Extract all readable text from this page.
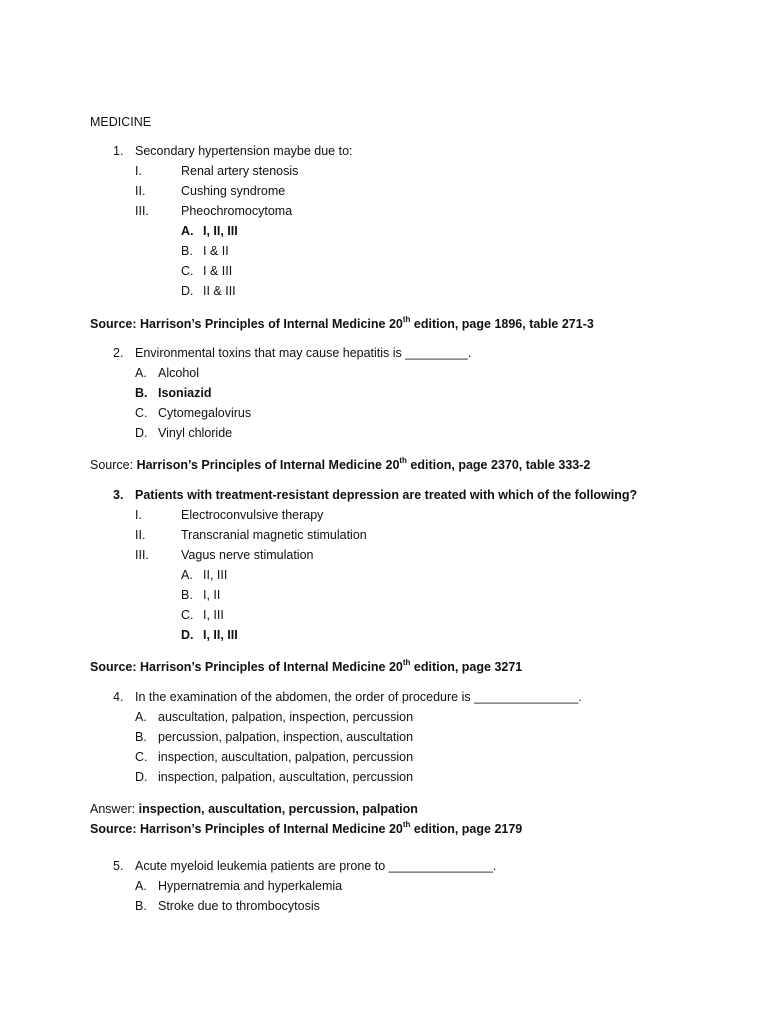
MEDICINE
1. Secondary hypertension maybe due to:
I.	Renal artery stenosis
II.	Cushing syndrome
III.	Pheochromocytoma
A. I, II, III
B. I & II
C. I & III
D. II & III
Source: Harrison’s Principles of Internal Medicine 20th edition, page 1896, table 271-3
2. Environmental toxins that may cause hepatitis is _________.
A. Alcohol
B. Isoniazid
C. Cytomegalovirus
D. Vinyl chloride
Source: Harrison’s Principles of Internal Medicine 20th edition, page 2370, table 333-2
3. Patients with treatment-resistant depression are treated with which of the following?
I.	Electroconvulsive therapy
II.	Transcranial magnetic stimulation
III.	Vagus nerve stimulation
A. II, III
B. I, II
C. I, III
D. I, II, III
Source: Harrison’s Principles of Internal Medicine 20th edition, page 3271
4. In the examination of the abdomen, the order of procedure is _______________.
A. auscultation, palpation, inspection, percussion
B. percussion, palpation, inspection, auscultation
C. inspection, auscultation, palpation, percussion
D. inspection, palpation, auscultation, percussion
Answer: inspection, auscultation, percussion, palpation
Source: Harrison’s Principles of Internal Medicine 20th edition, page 2179
5. Acute myeloid leukemia patients are prone to _______________.
A. Hypernatremia and hyperkalemia
B. Stroke due to thrombocytosis
